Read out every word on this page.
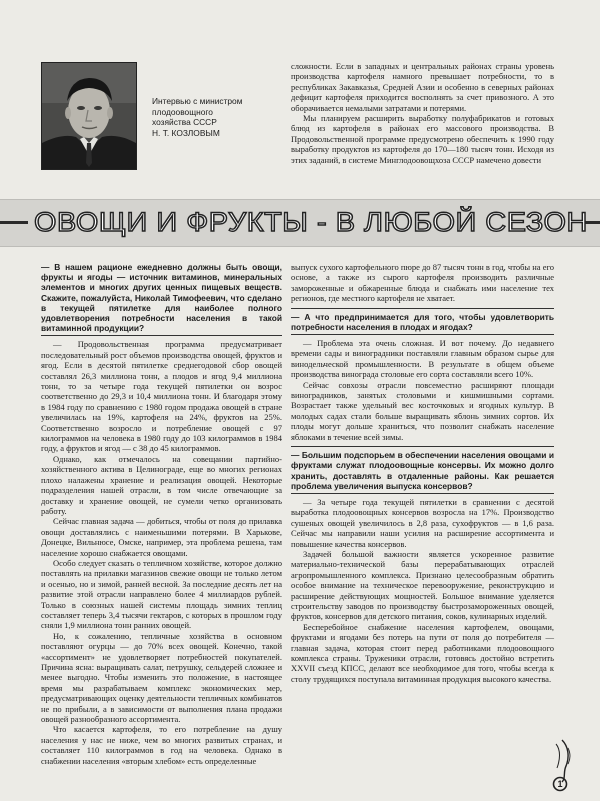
Интервью с министром
плодоовощного
хозяйства СССР
Н. Т. КОЗЛОВЫМ

сложности. Если в западных и центральных районах страны уровень производства картофеля намного превышает потребности, то в республиках Закавказья, Средней Азии и особенно в северных районах дефицит картофеля приходится восполнять за счет привозного. А это оборачивается немалыми затратами и потерями.

Мы планируем расширить выработку полуфабрикатов и готовых блюд из картофеля в районах его массового производства. В Продовольственной программе предусмотрено обеспечить к 1990 году выработку продуктов из картофеля до 170—180 тысяч тонн. Исходя из этих заданий, в системе Минглодоовощхоза СССР намечено довести

ОВОЩИ И ФРУКТЫ - В ЛЮБОЙ СЕЗОН

— В нашем рационе ежедневно должны быть овощи, фрукты и ягоды — источник витаминов, минеральных элементов и многих других ценных пищевых веществ. Скажите, пожалуйста, Николай Тимофеевич, что сделано в текущей пятилетке для наиболее полного удовлетворения потребности населения в такой витаминной продукции?

— Продовольственная программа предусматривает последовательный рост объемов производства овощей, фруктов и ягод. Если в десятой пятилетке среднегодовой сбор овощей составлял 26,3 миллиона тонн, а плодов и ягод 9,4 миллиона тонн, то за четыре года текущей пятилетки он возрос соответственно до 29,3 и 10,4 миллиона тонн. И благодаря этому в 1984 году по сравнению с 1980 годом продажа овощей в стране увеличилась на 19%, картофеля на 24%, фруктов на 25%. Соответственно возросло и потребление овощей с 97 килограммов на человека в 1980 году до 103 килограммов в 1984 году, а фруктов и ягод — с 38 до 45 килограммов.

Однако, как отмечалось на совещании партийно-хозяйственного актива в Целинограде, еще во многих регионах плохо налажены хранение и реализация овощей. Некоторые подразделения нашей отрасли, в том числе отвечающие за доставку и хранение овощей, не сумели четко организовать работу.

Сейчас главная задача — добиться, чтобы от поля до прилавка овощи доставлялись с наименьшими потерями. В Харькове, Донецке, Вильнюсе, Омске, например, эта проблема решена, там население хорошо снабжается овощами.

Особо следует сказать о тепличном хозяйстве, которое должно поставлять на прилавки магазинов свежие овощи не только летом и осенью, но и зимой, ранней весной. За последние десять лет на развитие этой отрасли направлено более 4 миллиардов рублей. Только в союзных нашей системы площадь зимних теплиц составляет теперь 3,4 тысячи гектаров, с которых в прошлом году сняли 1,9 миллиона тонн ранних овощей.

Но, к сожалению, тепличные хозяйства в основном поставляют огурцы — до 70% всех овощей. Конечно, такой «ассортимент» не удовлетворяет потребностей покупателей. Причина ясна: выращивать салат, петрушку, сельдерей сложнее и менее выгодно. Чтобы изменить это положение, в настоящее время мы разрабатываем комплекс экономических мер, предусматривающих оценку деятельности тепличных комбинатов не по прибыли, а в зависимости от выполнения плана продажи овощей разнообразного ассортимента.

Что касается картофеля, то его потребление на душу населения у нас не ниже, чем во многих развитых странах, и составляет 110 килограммов в год на человека. Однако в снабжении населения «вторым хлебом» есть определенные

выпуск сухого картофельного пюре до 87 тысяч тонн в год, чтобы на его основе, а также из сырого картофеля производить различные замороженные и обжаренные блюда и снабжать ими население тех регионов, где местного картофеля не хватает.

— А что предпринимается для того, чтобы удовлетворить потребности населения в плодах и ягодах?

— Проблема эта очень сложная. И вот почему. До недавнего времени сады и виноградники поставляли главным образом сырье для винодельческой промышленности. В результате в общем объеме производства винограда столовые его сорта составляли всего 10%.

Сейчас совхозы отрасли повсеместно расширяют площади виноградников, занятых столовыми и кишмишными сортами. Возрастает также удельный вес косточковых и ягодных культур. В молодых садах стали больше выращивать яблонь зимних сортов. Их плоды могут дольше храниться, что позволит снабжать население яблоками в течение всей зимы.

— Большим подспорьем в обеспечении населения овощами и фруктами служат плодоовощные консервы. Их можно долго хранить, доставлять в отдаленные районы. Как решается проблема увеличения выпуска консервов?

— За четыре года текущей пятилетки в сравнении с десятой выработка плодоовощных консервов возросла на 17%. Производство сушеных овощей увеличилось в 2,8 раза, сухофруктов — в 1,6 раза. Сейчас мы направили наши усилия на расширение ассортимента и повышение качества консервов.

Задачей большой важности является ускоренное развитие материально-технической базы перерабатывающих отраслей агропромышленного комплекса. Признано целесообразным обратить особое внимание на техническое перевооружение, реконструкцию и расширение действующих мощностей. Большое внимание уделяется строительству заводов по производству быстрозамороженных овощей, фруктов, консервов для детского питания, соков, кулинарных изделий.

Бесперебойное снабжение населения картофелем, овощами, фруктами и ягодами без потерь на пути от поля до потребителя — главная задача, которая стоит перед работниками плодоовощного комплекса страны. Труженики отрасли, готовясь достойно встретить XXVII съезд КПСС, делают все необходимое для того, чтобы всегда к столу трудящихся поступала витаминная продукция высокого качества.

1
